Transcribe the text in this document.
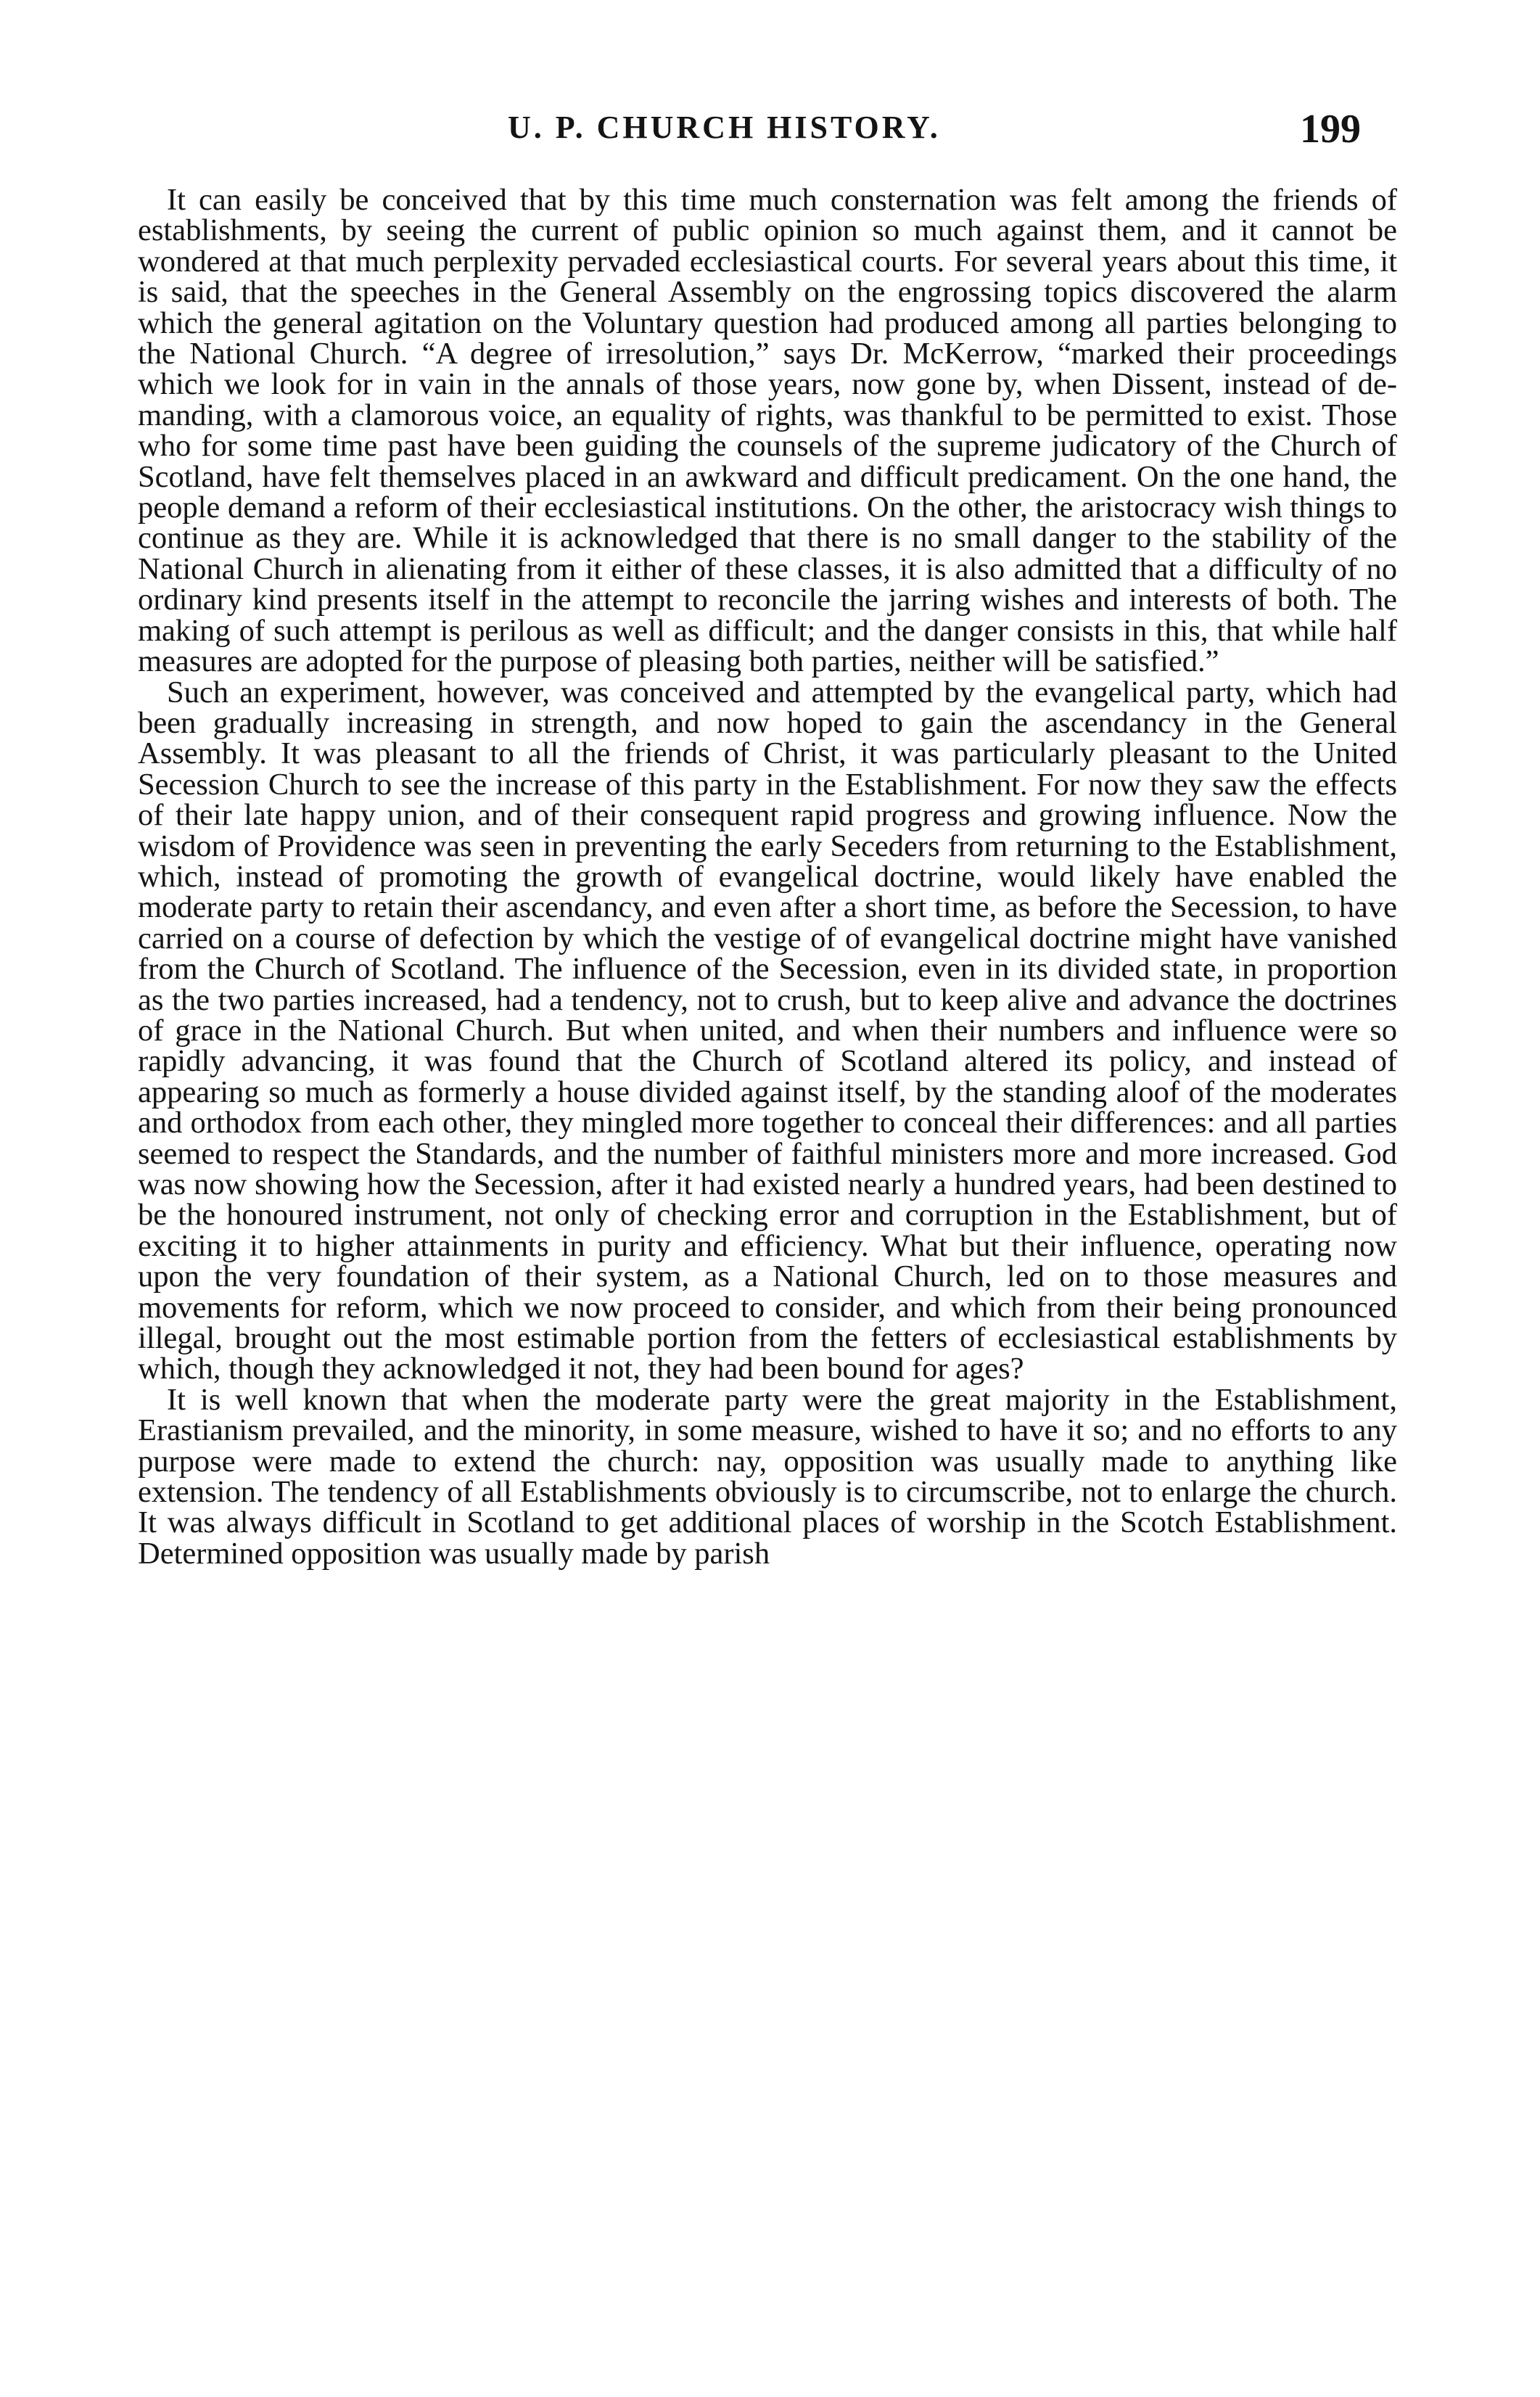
U. P. CHURCH HISTORY.	199

It can easily be conceived that by this time much consternation was felt among the friends of establishments, by seeing the current of public opinion so much against them, and it cannot be wondered at that much perplexity pervaded ecclesiastical courts. For several years about this time, it is said, that the speeches in the General Assembly on the engrossing topics discovered the alarm which the general agitation on the Voluntary question had produced among all parties belonging to the National Church. “A degree of irresolution,” says Dr. McKerrow, “marked their proceedings which we look for in vain in the annals of those years, now gone by, when Dissent, instead of demanding, with a clamorous voice, an equality of rights, was thankful to be permitted to exist. Those who for some time past have been guiding the counsels of the supreme judicatory of the Church of Scotland, have felt themselves placed in an awkward and difficult predicament. On the one hand, the people demand a reform of their ecclesiastical institutions. On the other, the aristocracy wish things to continue as they are. While it is acknowledged that there is no small danger to the stability of the National Church in alienating from it either of these classes, it is also admitted that a difficulty of no ordinary kind presents itself in the attempt to reconcile the jarring wishes and interests of both. The making of such attempt is perilous as well as difficult; and the danger consists in this, that while half measures are adopted for the purpose of pleasing both parties, neither will be satisfied.”

Such an experiment, however, was conceived and attempted by the evangelical party, which had been gradually increasing in strength, and now hoped to gain the ascendancy in the General Assembly. It was pleasant to all the friends of Christ, it was particularly pleasant to the United Secession Church to see the increase of this party in the Establishment. For now they saw the effects of their late happy union, and of their consequent rapid progress and growing influence. Now the wisdom of Providence was seen in preventing the early Seceders from returning to the Establishment, which, instead of promoting the growth of evangelical doctrine, would likely have enabled the moderate party to retain their ascendancy, and even after a short time, as before the Secession, to have carried on a course of defection by which the vestige of of evangelical doctrine might have vanished from the Church of Scotland. The influence of the Secession, even in its divided state, in proportion as the two parties increased, had a tendency, not to crush, but to keep alive and advance the doctrines of grace in the National Church. But when united, and when their numbers and influence were so rapidly advancing, it was found that the Church of Scotland altered its policy, and instead of appearing so much as formerly a house divided against itself, by the standing aloof of the moderates and orthodox from each other, they mingled more together to conceal their differences: and all parties seemed to respect the Standards, and the number of faithful ministers more and more increased. God was now showing how the Secession, after it had existed nearly a hundred years, had been destined to be the honoured instrument, not only of checking error and corruption in the Establishment, but of exciting it to higher attainments in purity and efficiency. What but their influence, operating now upon the very foundation of their system, as a National Church, led on to those measures and movements for reform, which we now proceed to consider, and which from their being pronounced illegal, brought out the most estimable portion from the fetters of ecclesiastical establishments by which, though they acknowledged it not, they had been bound for ages?

It is well known that when the moderate party were the great majority in the Establishment, Erastianism prevailed, and the minority, in some measure, wished to have it so; and no efforts to any purpose were made to extend the church: nay, opposition was usually made to anything like extension. The tendency of all Establishments obviously is to circumscribe, not to enlarge the church. It was always difficult in Scotland to get additional places of worship in the Scotch Establishment. Determined opposition was usually made by parish
